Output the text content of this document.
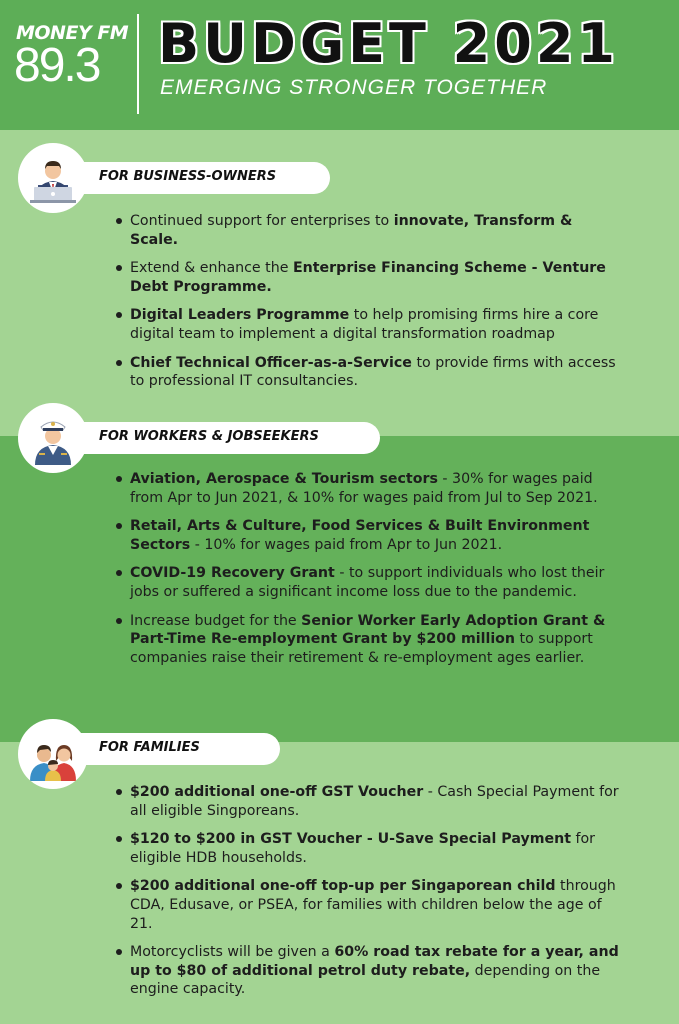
MONEY FM
89.3 BUDGET 2021
EMERGING STRONGER TOGETHER
FOR BUSINESS-OWNERS
Continued support for enterprises to innovate, Transform & Scale.
Extend & enhance the Enterprise Financing Scheme - Venture Debt Programme.
Digital Leaders Programme to help promising firms hire a core digital team to implement a digital transformation roadmap
Chief Technical Officer-as-a-Service to provide firms with access to professional IT consultancies.
FOR WORKERS & JOBSEEKERS
Aviation, Aerospace & Tourism sectors - 30% for wages paid from Apr to Jun 2021, & 10% for wages paid from Jul to Sep 2021.
Retail, Arts & Culture, Food Services & Built Environment Sectors - 10% for wages paid from Apr to Jun 2021.
COVID-19 Recovery Grant - to support individuals who lost their jobs or suffered a significant income loss due to the pandemic.
Increase budget for the Senior Worker Early Adoption Grant & Part-Time Re-employment Grant by $200 million to support companies raise their retirement & re-employment ages earlier.
FOR FAMILIES
$200 additional one-off GST Voucher - Cash Special Payment for all eligible Singporeans.
$120 to $200 in GST Voucher - U-Save Special Payment for eligible HDB households.
$200 additional one-off top-up per Singaporean child through CDA, Edusave, or PSEA, for families with children below the age of 21.
Motorcyclists will be given a 60% road tax rebate for a year, and up to $80 of additional petrol duty rebate, depending on the engine capacity.
